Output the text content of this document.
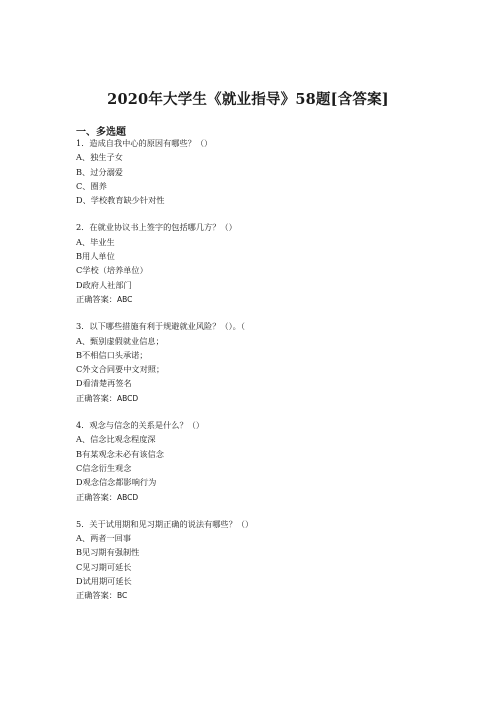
2020年大学生《就业指导》58题[含答案]
一、多选题
1．造成自我中心的原因有哪些？（）
A、独生子女
B、过分溺爱
C、圈养
D、学校教育缺少针对性
2．在就业协议书上签字的包括哪几方？（）
A、毕业生
B用人单位
C学校（培养单位）
D政府人社部门
正确答案：ABC
3．以下哪些措施有利于规避就业风险？（）。（
A、甄别虚假就业信息；
B不相信口头承诺；
C外文合同要中文对照；
D看清楚再签名
正确答案：ABCD
4．观念与信念的关系是什么？（）
A、信念比观念程度深
B有某观念未必有该信念
C信念衍生观念
D观念信念都影响行为
正确答案：ABCD
5．关于试用期和见习期正确的说法有哪些？（）
A、两者一回事
B见习期有强制性
C见习期可延长
D试用期可延长
正确答案：BC
